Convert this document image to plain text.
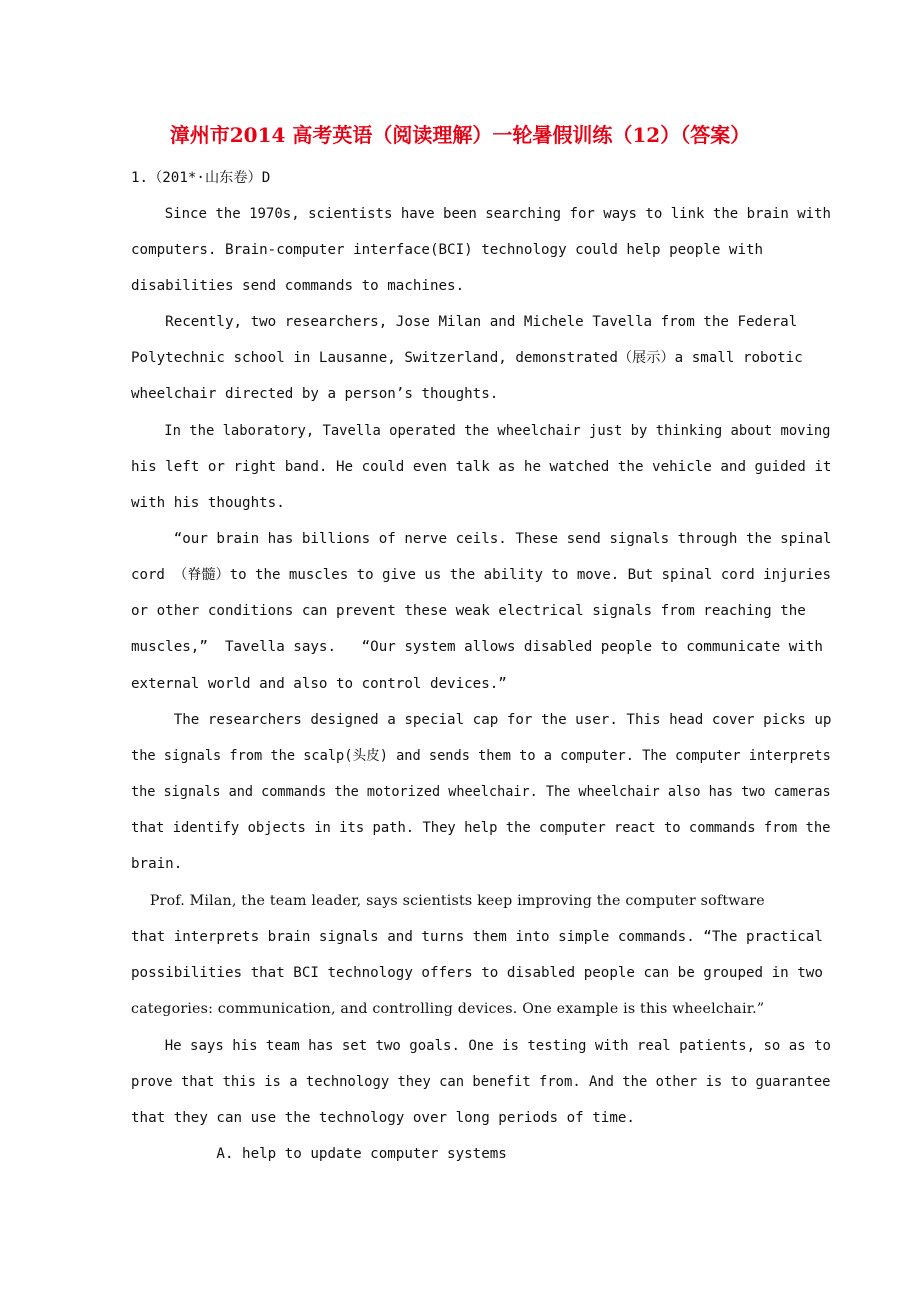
漳州市2014 高考英语（阅读理解）一轮暑假训练（12）（答案）
1.（201*·山东卷）D
Since the 1970s, scientists have been searching for ways to link the brain with
computers. Brain-computer interface(BCI) technology could help people with
disabilities send commands to machines.
Recently, two researchers, Jose Milan and Michele Tavella from the Federal
Polytechnic school in Lausanne, Switzerland, demonstrated（展示）a small robotic
wheelchair directed by a person’s thoughts.
In the laboratory, Tavella operated the wheelchair just by thinking about moving
his left or right band. He could even talk as he watched the vehicle and guided it
with his thoughts.
“our brain has billions of nerve ceils. These send signals through the spinal
cord （脊髓）to the muscles to give us the ability to move. But spinal cord injuries
or other conditions can prevent these weak electrical signals from reaching the
muscles,”  Tavella says.   “Our system allows disabled people to communicate with
external world and also to control devices.”
The researchers designed a special cap for the user. This head cover picks up
the signals from the scalp(头皮) and sends them to a computer. The computer interprets
the signals and commands the motorized wheelchair. The wheelchair also has two cameras
that identify objects in its path. They help the computer react to commands from the
brain.
Prof. Milan, the team leader, says scientists keep improving the computer software
that interprets brain signals and turns them into simple commands. “The practical
possibilities that BCI technology offers to disabled people can be grouped in two
categories: communication, and controlling devices. One example is this wheelchair.”
He says his team has set two goals. One is testing with real patients, so as to
prove that this is a technology they can benefit from. And the other is to guarantee
that they can use the technology over long periods of time.
A. help to update computer systems
